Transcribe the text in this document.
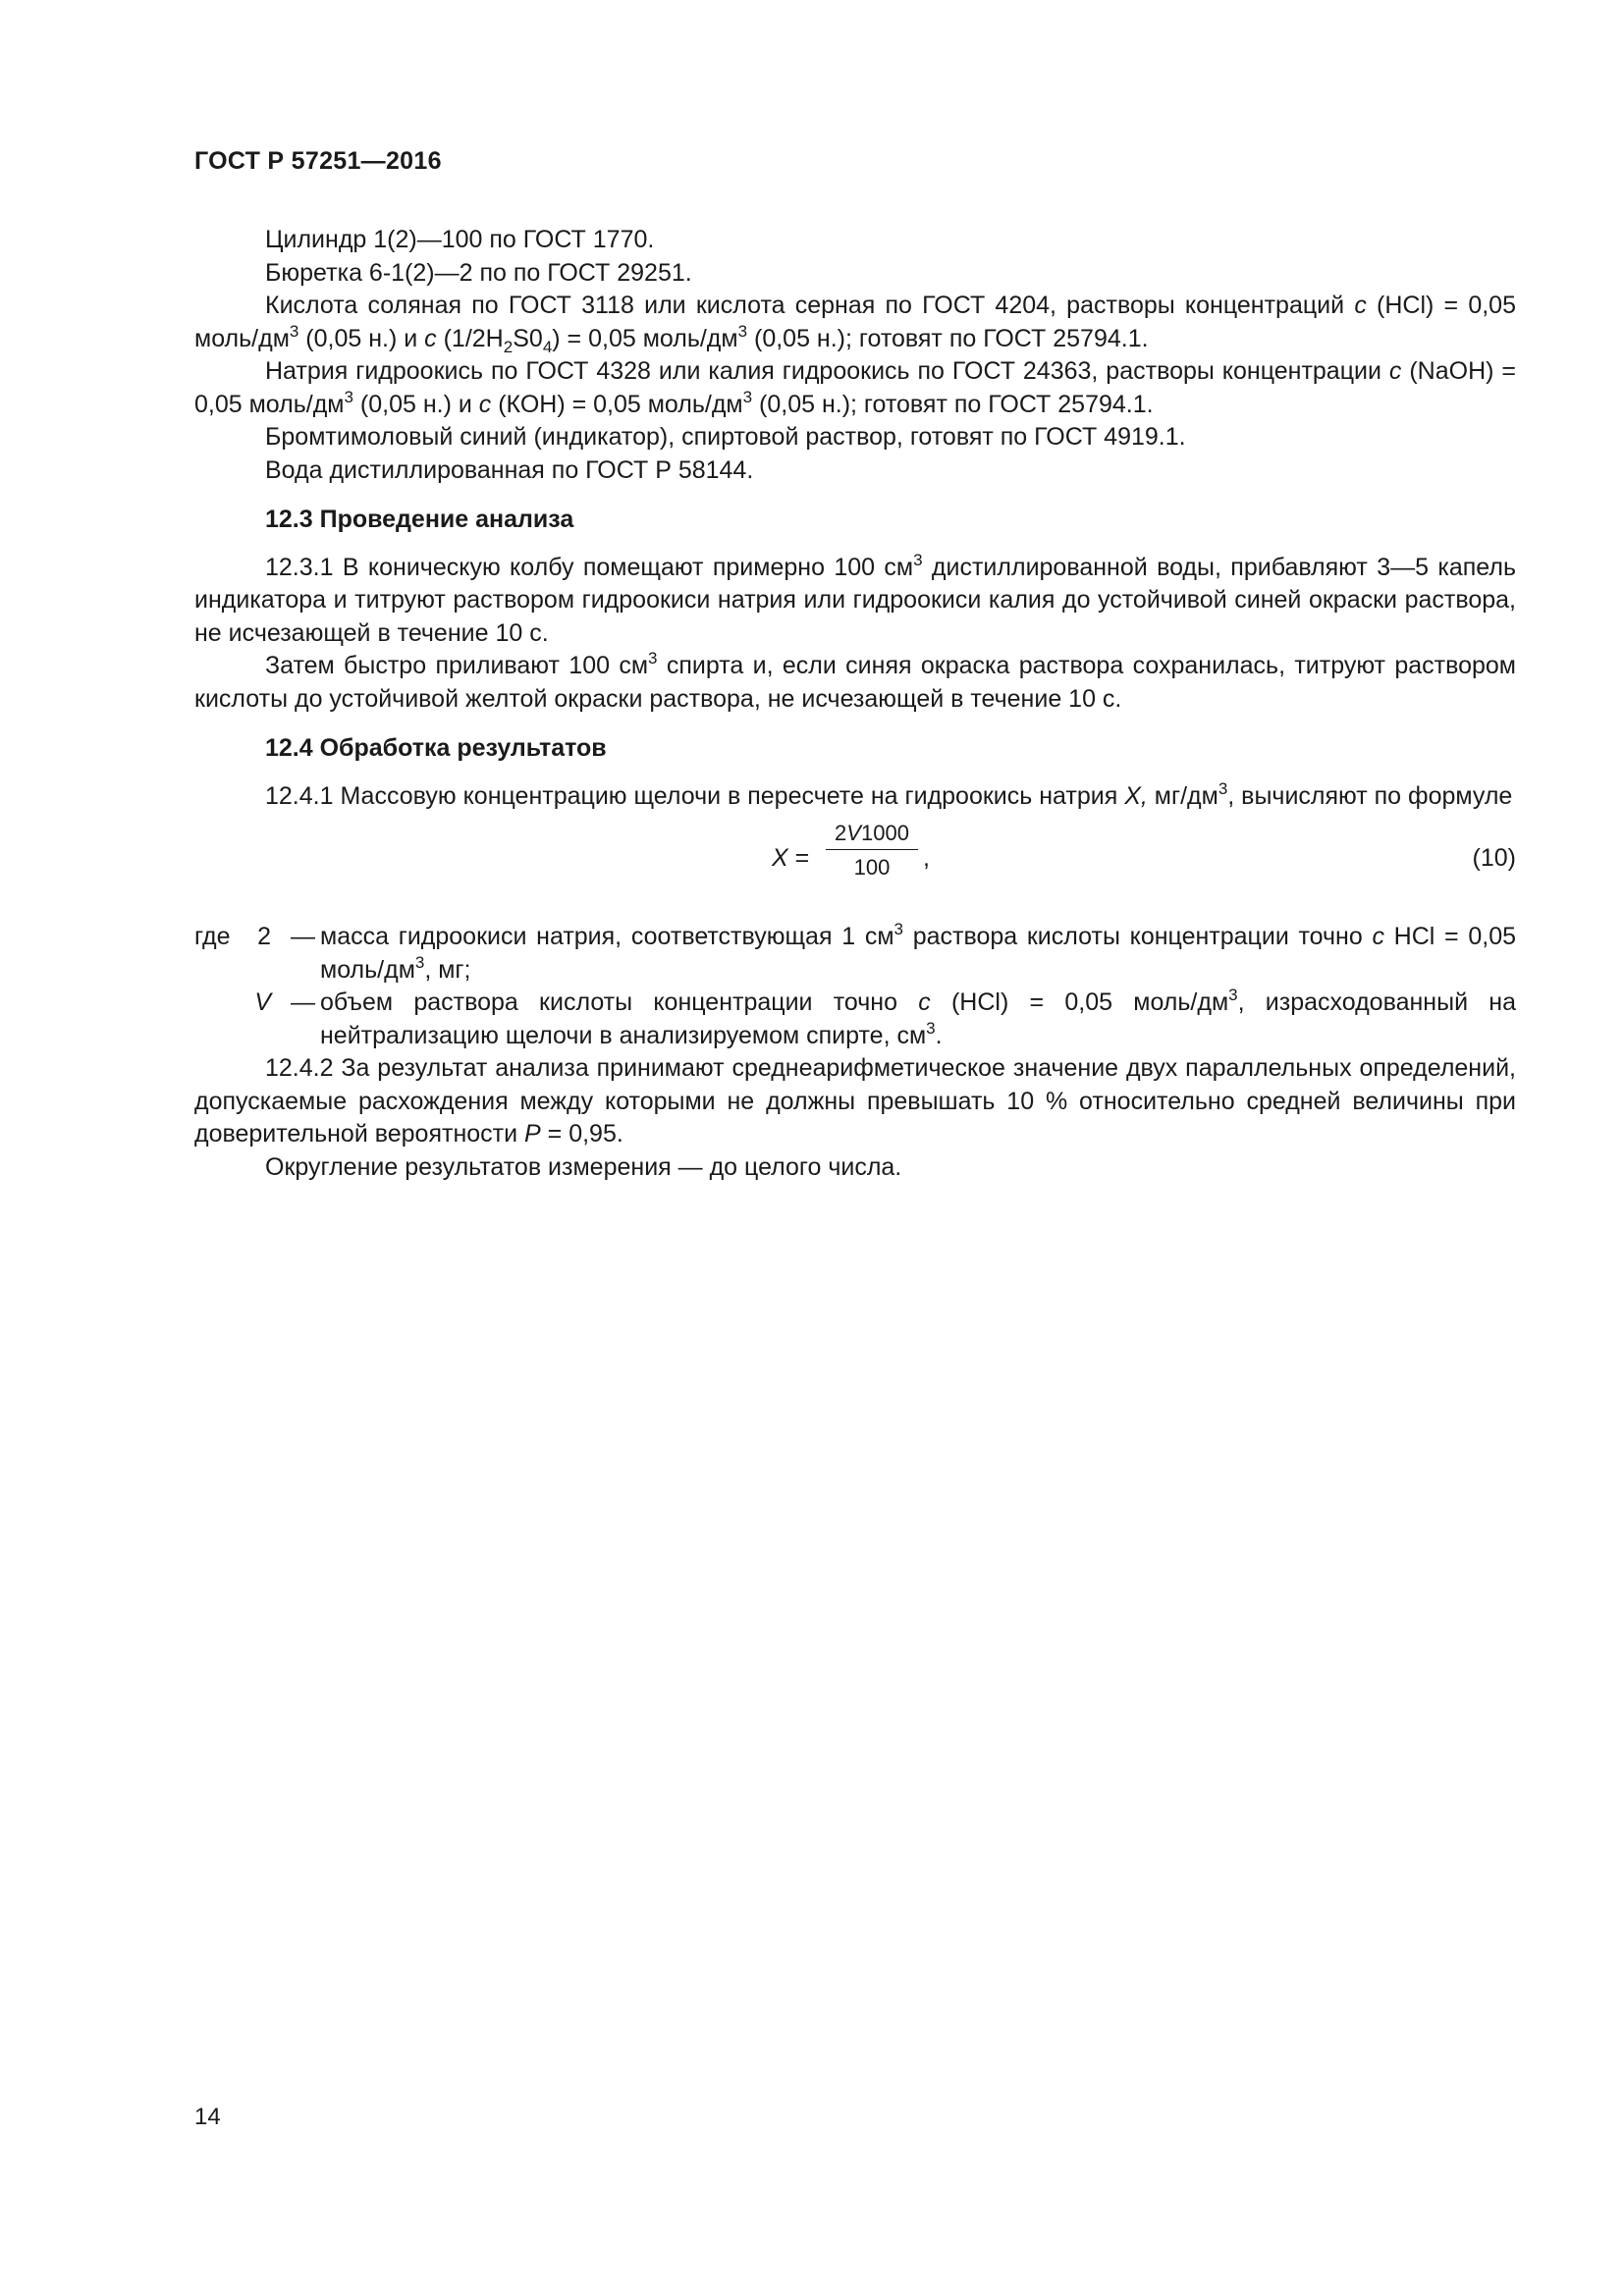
ГОСТ Р 57251—2016

Цилиндр 1(2)—100 по ГОСТ 1770.

Бюретка 6-1(2)—2 по по ГОСТ 29251.

Кислота соляная по ГОСТ 3118 или кислота серная по ГОСТ 4204, растворы концентраций c (HCl) = 0,05 моль/$дм^3$ (0,05 н.) и c $(1/2H_2S0_4) = 0,05$ моль/$дм^3$ (0,05 н.); готовят по ГОСТ 25794.1.

Натрия гидроокись по ГОСТ 4328 или калия гидроокись по ГОСТ 24363, растворы концентрации c (NaOH) = 0,05 моль/$дм^3$ (0,05 н.) и c (КОН) = 0,05 моль/$дм^3$ (0,05 н.); готовят по ГОСТ 25794.1.

Бромтимоловый синий (индикатор), спиртовой раствор, готовят по ГОСТ 4919.1.

Вода дистиллированная по ГОСТ Р 58144.

12.3 Проведение анализа

12.3.1 В коническую колбу помещают примерно 100 $см^3$ дистиллированной воды, прибавляют 3—5 капель индикатора и титруют раствором гидроокиси натрия или гидроокиси калия до устойчивой синей окраски раствора, не исчезающей в течение 10 с.

Затем быстро приливают 100 $см^3$ спирта и, если синяя окраска раствора сохранилась, титруют раствором кислоты до устойчивой желтой окраски раствора, не исчезающей в течение 10 с.

12.4 Обработка результатов

12.4.1 Массовую концентрацию щелочи в пересчете на гидроокись натрия X, $мг/дм^3$, вычисляют по формуле

$X = \frac{2V1000}{100}$ ,	(10)
где 2 — масса гидроокиси натрия, соответствующая 1 $см^3$ раствора кислоты концентрации точно c HCl = 0,05 моль/$дм^3$, мг;
V — объем раствора кислоты концентрации точно c (HCl) = 0,05 моль/$дм^3$, израсходованный на нейтрализацию щелочи в анализируемом спирте, $см^3$.

12.4.2 За результат анализа принимают среднеарифметическое значение двух параллельных определений, допускаемые расхождения между которыми не должны превышать 10 % относительно средней величины при доверительной вероятности P = 0,95.

Округление результатов измерения — до целого числа.

14
